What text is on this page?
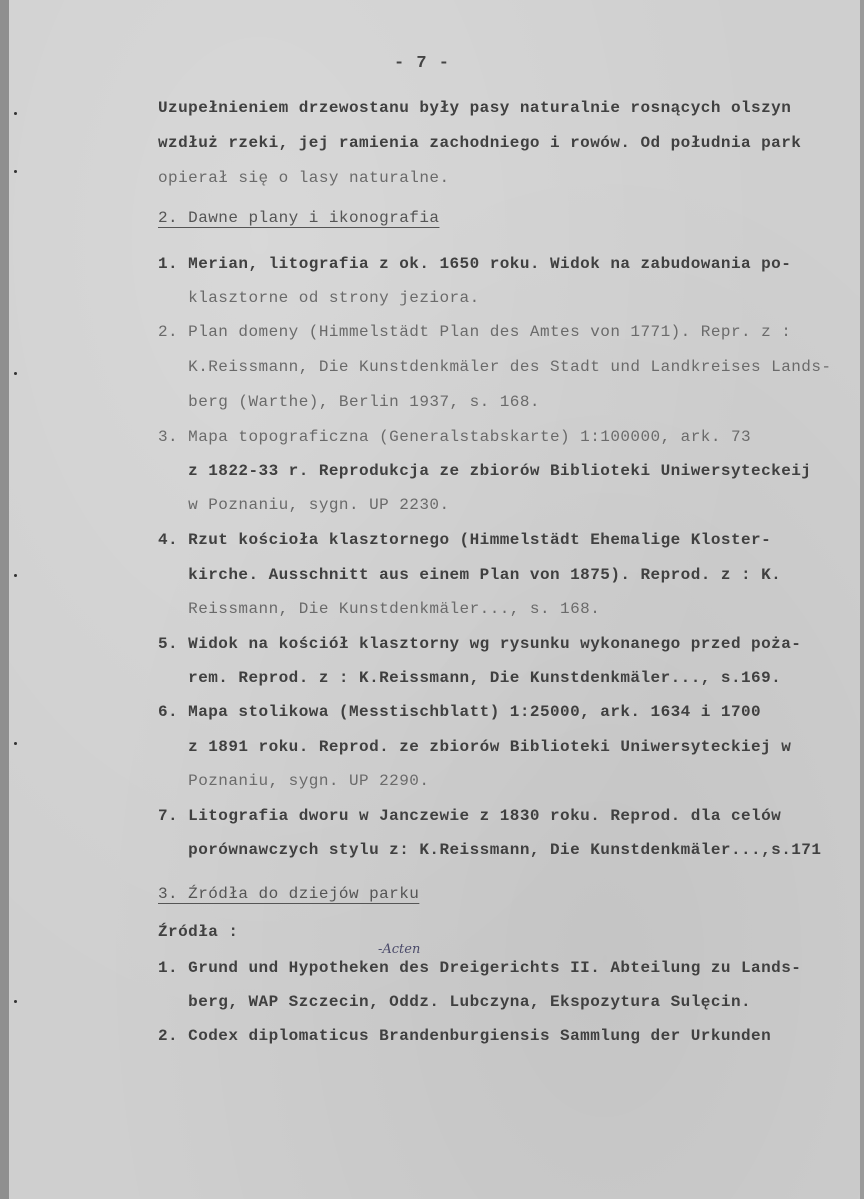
- 7 -
Uzupełnieniem drzewostanu były pasy naturalnie rosnących olszyn
wzdłuż rzeki, jej ramienia zachodniego i rowów. Od południa park
opierał się o lasy naturalne.
2. Dawne plany i ikonografia
1. Merian, litografia z ok. 1650 roku. Widok na zabudowania po-
klasztorne od strony jeziora.
2. Plan domeny (Himmelstädt Plan des Amtes von 1771). Repr. z :
K.Reissmann, Die Kunstdenkmäler des Stadt und Landkreises Lands-
berg (Warthe), Berlin 1937, s. 168.
3. Mapa topograficzna (Generalstabskarte) 1:100000, ark. 73
z 1822-33 r. Reprodukcja ze zbiorów Biblioteki Uniwersyteckeij
w Poznaniu, sygn. UP 2230.
4. Rzut kościoła klasztornego (Himmelstädt Ehemalige Kloster-
kirche. Ausschnitt aus einem Plan von 1875). Reprod. z : K.
Reissmann, Die Kunstdenkmäler..., s. 168.
5. Widok na kościół klasztorny wg rysunku wykonanego przed poża-
rem. Reprod. z : K.Reissmann, Die Kunstdenkmäler..., s.169.
6. Mapa stolikowa (Messtischblatt) 1:25000, ark. 1634 i 1700
z 1891 roku. Reprod. ze zbiorów Biblioteki Uniwersyteckiej w
Poznaniu, sygn. UP 2290.
7. Litografia dworu w Janczewie z 1830 roku. Reprod. dla celów
porównawczych stylu z: K.Reissmann, Die Kunstdenkmäler...,s.171
3. Źródła do dziejów parku
Źródła :
-Acten
1. Grund und Hypotheken des Dreigerichts II. Abteilung zu Lands-
berg, WAP Szczecin, Oddz. Lubczyna, Ekspozytura Sulęcin.
2. Codex diplomaticus Brandenburgiensis Sammlung der Urkunden
